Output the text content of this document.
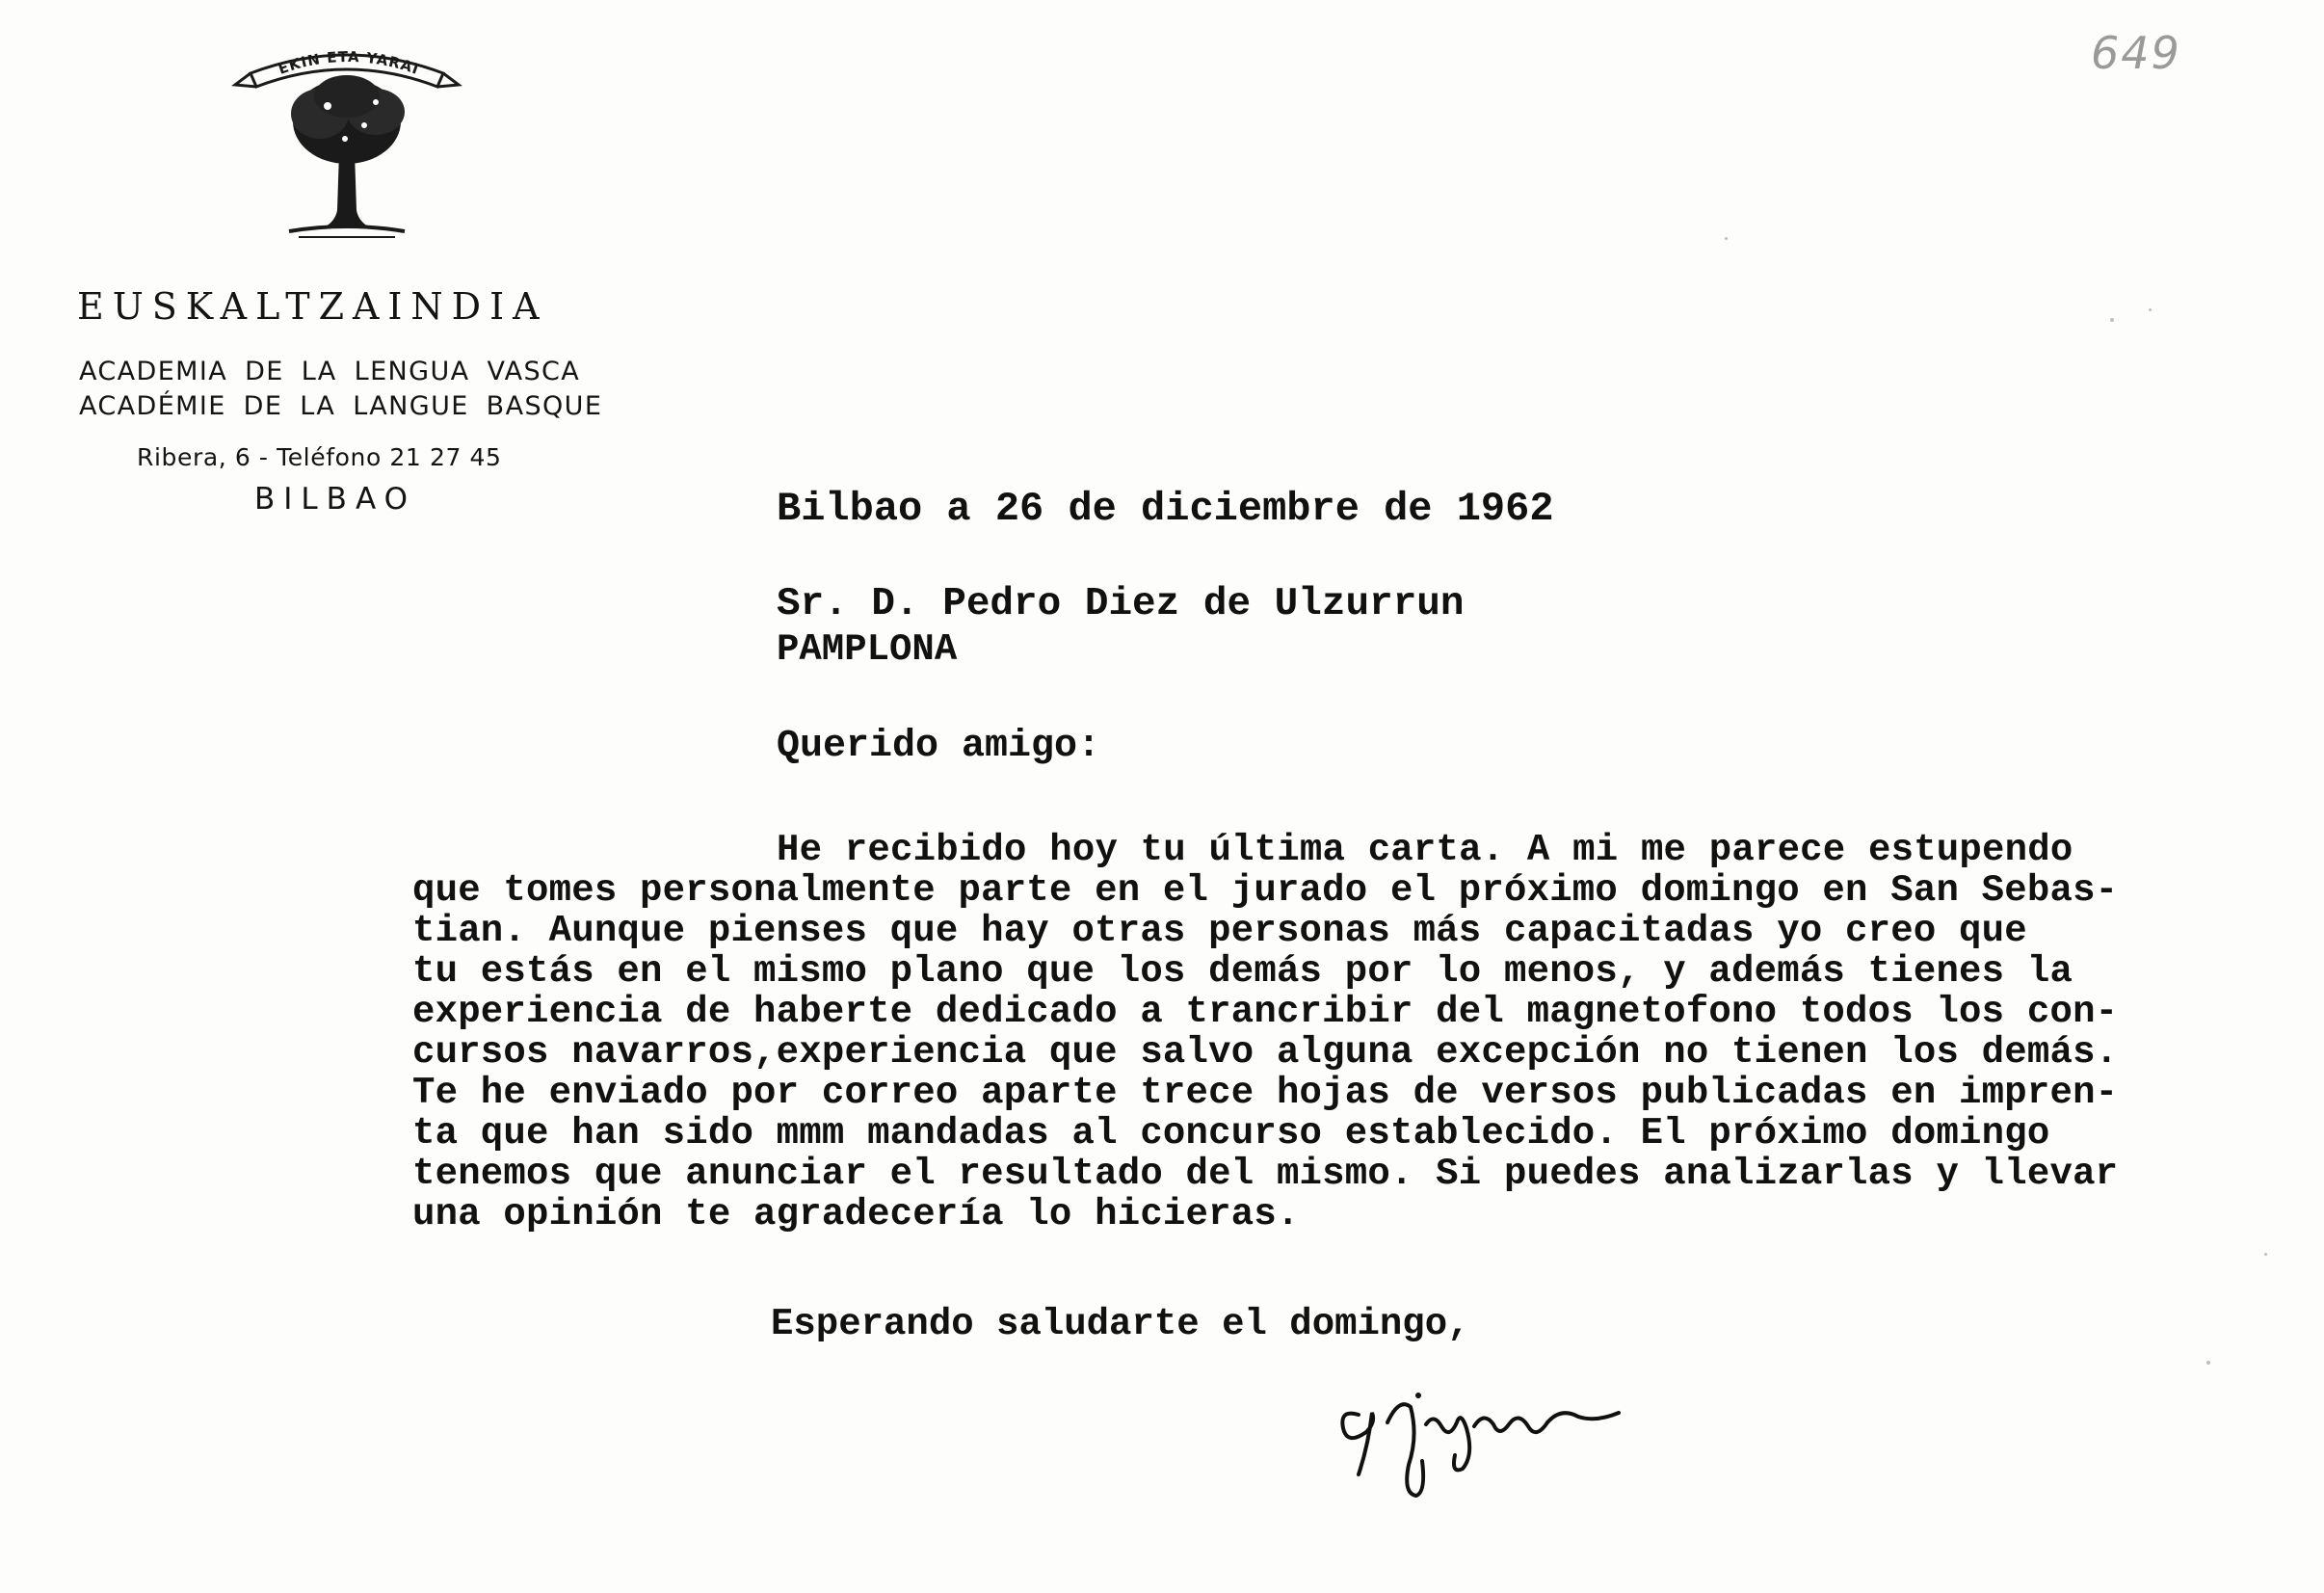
EKIN ETA YARAI
EUSKALTZAINDIA
ACADEMIA DE LA LENGUA VASCA
ACADÉMIE DE LA LANGUE BASQUE
Ribera, 6 - Teléfono 21 27 45
BILBAO
649
Bilbao a 26 de diciembre de 1962
Sr. D. Pedro Diez de Ulzurrun
PAMPLONA
Querido amigo:
He recibido hoy tu última carta. A mi me parece estupendo
que tomes personalmente parte en el jurado el próximo domingo en San Sebas-
tian. Aunque pienses que hay otras personas más capacitadas yo creo que
tu estás en el mismo plano que los demás por lo menos, y además tienes la
experiencia de haberte dedicado a trancribir del magnetofono todos los con-
cursos navarros,experiencia que salvo alguna excepción no tienen los demás.
Te he enviado por correo aparte trece hojas de versos publicadas en impren-
ta que han sido mmm mandadas al concurso establecido. El próximo domingo
tenemos que anunciar el resultado del mismo. Si puedes analizarlas y llevar
una opinión te agradecería lo hicieras.
Esperando saludarte el domingo,
